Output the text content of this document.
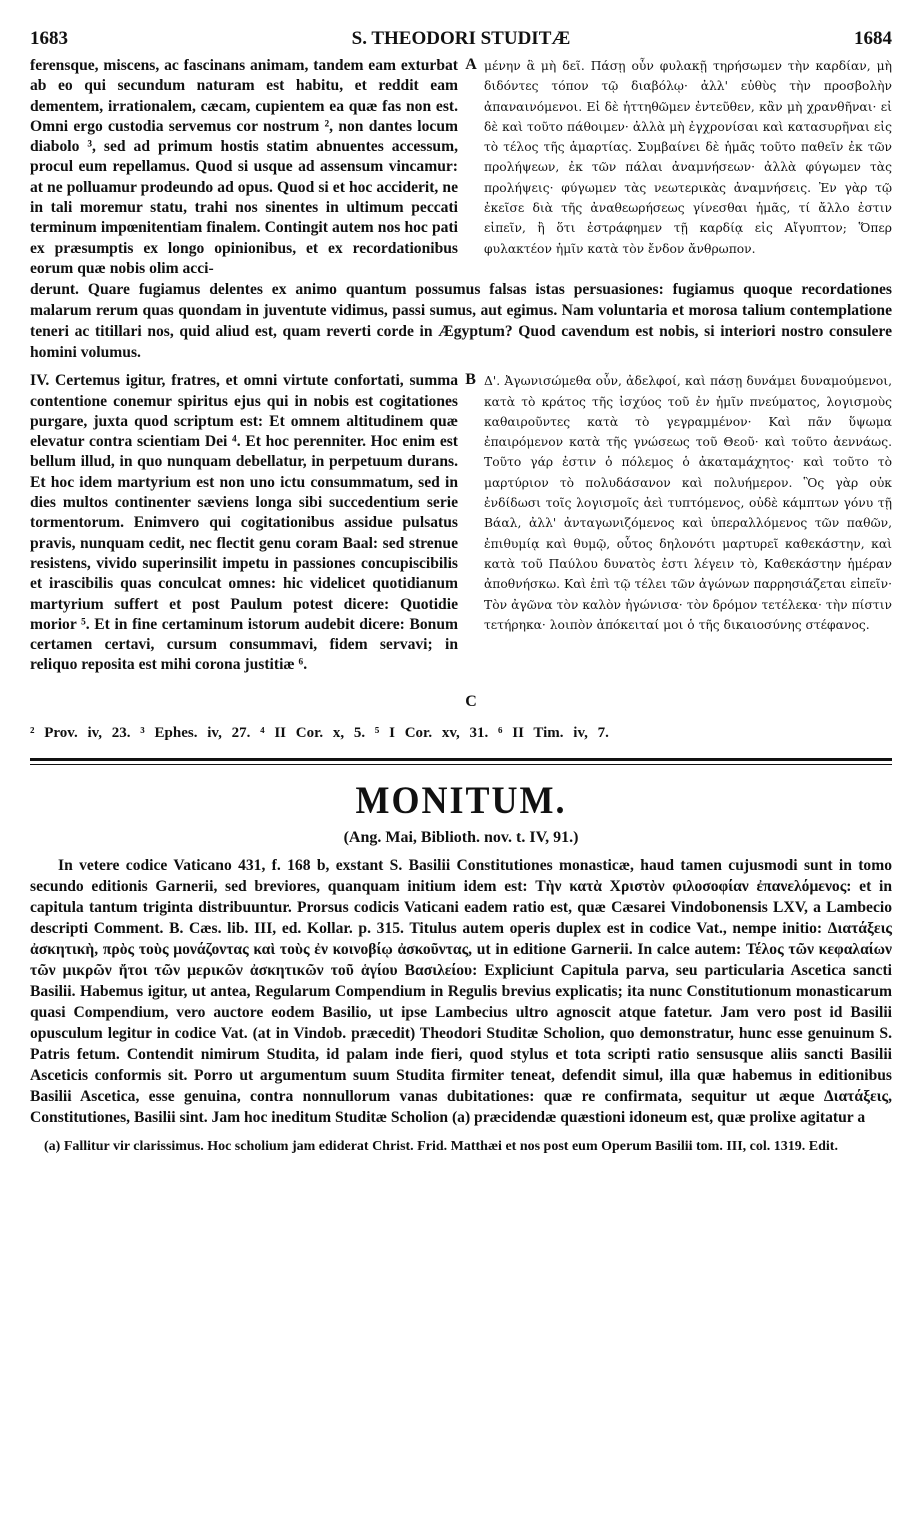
1683	S. THEODORI STUDITÆ	1684

ferensque, miscens, ac fascinans animam, tandem eam exturbat ab eo qui secundum naturam est habitu, et reddit eam dementem, irrationalem, cæcam, cupientem ea quæ fas non est. Omni ergo custodia servemus cor nostrum ², non dantes locum diabolo ³, sed ad primum hostis statim abnuentes accessum, procul eum repellamus. Quod si usque ad assensum vincamur: at ne polluamur prodeundo ad opus. Quod si et hoc acciderit, ne in tali moremur statu, trahi nos sinentes in ultimum peccati terminum impœnitentiam finalem. Contingit autem nos hoc pati ex præsumptis ex longo opinionibus, et ex recordationibus eorum quæ nobis olim acci-

A μένην ἃ μὴ δεῖ. Πάσῃ οὖν φυλακῇ τηρήσωμεν τὴν καρδίαν, μὴ διδόντες τόπον τῷ διαβόλῳ· ἀλλ' εὐθὺς τὴν προσβολὴν ἀπαναινόμενοι. Εἰ δὲ ἡττηθῶμεν ἐντεῦθεν, κἂν μὴ χρανθῆναι· εἰ δὲ καὶ τοῦτο πάθοιμεν· ἀλλὰ μὴ ἐγχρονίσαι καὶ κατασυρῆναι εἰς τὸ τέλος τῆς ἁμαρτίας. Συμβαίνει δὲ ἡμᾶς τοῦτο παθεῖν ἐκ τῶν προλήψεων, ἐκ τῶν πάλαι ἀναμνήσεων· ἀλλὰ φύγωμεν τὰς προλήψεις· φύγωμεν τὰς νεωτερικὰς ἀναμνήσεις. Ἐν γὰρ τῷ ἐκεῖσε διὰ τῆς ἀναθεωρήσεως γίνεσθαι ἡμᾶς, τί ἄλλο ἐστιν εἰπεῖν, ἢ ὅτι ἐστράφημεν τῇ καρδίᾳ εἰς Αἴγυπτον; Ὅπερ φυλακτέον ἡμῖν κατὰ τὸν ἔνδον ἄνθρωπον.

derunt. Quare fugiamus delentes ex animo quantum possumus falsas istas persuasiones: fugiamus quoque recordationes malarum rerum quas quondam in juventute vidimus, passi sumus, aut egimus. Nam voluntaria et morosa talium contemplatione teneri ac titillari nos, quid aliud est, quam reverti corde in Ægyptum? Quod cavendum est nobis, si interiori nostro consulere homini volumus.

IV. Certemus igitur, fratres, et omni virtute confortati, summa contentione conemur spiritus ejus qui in nobis est cogitationes purgare, juxta quod scriptum est: Et omnem altitudinem quæ elevatur contra scientiam Dei ⁴. Et hoc perenniter. Hoc enim est bellum illud, in quo nunquam debellatur, in perpetuum durans. Et hoc idem martyrium est non uno ictu consummatum, sed in dies multos continenter sæviens longa sibi succedentium serie tormentorum. Enimvero qui cogitationibus assidue pulsatus pravis, nunquam cedit, nec flectit genu coram Baal: sed strenue resistens, vivido superinsilit impetu in passiones concupiscibilis et irascibilis quas conculcat omnes: hic videlicet quotidianum martyrium suffert et post Paulum potest dicere: Quotidie morior ⁵. Et in fine certaminum istorum audebit dicere: Bonum certamen certavi, cursum consummavi, fidem servavi; in reliquo reposita est mihi corona justitiæ ⁶.

B
C

Δ'. Ἀγωνισώμεθα οὖν, ἀδελφοί, καὶ πάσῃ δυνάμει δυναμούμενοι, κατὰ τὸ κράτος τῆς ἰσχύος τοῦ ἐν ἡμῖν πνεύματος, λογισμοὺς καθαιροῦντες κατὰ τὸ γεγραμμένον· Καὶ πᾶν ὕψωμα ἐπαιρόμενον κατὰ τῆς γνώσεως τοῦ Θεοῦ· καὶ τοῦτο ἀεννάως. Τοῦτο γάρ ἐστιν ὁ πόλεμος ὁ ἀκαταμάχητος· καὶ τοῦτο τὸ μαρτύριον τὸ πολυδάσανον καὶ πολυήμερον. Ὃς γὰρ οὐκ ἐνδίδωσι τοῖς λογισμοῖς ἀεὶ τυπτόμενος, οὐδὲ κάμπτων γόνυ τῇ Βάαλ, ἀλλ' ἀνταγωνιζόμενος καὶ ὑπεραλλόμενος τῶν παθῶν, ἐπιθυμίᾳ καὶ θυμῷ, οὗτος δηλονότι μαρτυρεῖ καθεκάστην, καὶ κατὰ τοῦ Παύλου δυνατὸς ἐστι λέγειν τὸ, Καθεκάστην ἡμέραν ἀποθνήσκω. Καὶ ἐπὶ τῷ τέλει τῶν ἀγώνων παρρησιάζεται εἰπεῖν· Τὸν ἀγῶνα τὸν καλὸν ἠγώνισα· τὸν δρόμον τετέλεκα· τὴν πίστιν τετήρηκα· λοιπὸν ἀπόκειταί μοι ὁ τῆς δικαιοσύνης στέφανος.

² Prov. iv, 23. ³ Ephes. iv, 27. ⁴ II Cor. x, 5. ⁵ I Cor. xv, 31. ⁶ II Tim. iv, 7.

MONITUM.
(Ang. Mai, Biblioth. nov. t. IV, 91.)

In vetere codice Vaticano 431, f. 168 b, exstant S. Basilii Constitutiones monasticæ, haud tamen cujusmodi sunt in tomo secundo editionis Garnerii, sed breviores, quanquam initium idem est: Τὴν κατὰ Χριστὸν φιλοσοφίαν ἐπανελόμενος: et in capitula tantum triginta distribuuntur. Prorsus codicis Vaticani eadem ratio est, quæ Cæsarei Vindobonensis LXV, a Lambecio descripti Comment. B. Cæs. lib. III, ed. Kollar. p. 315. Titulus autem operis duplex est in codice Vat., nempe initio: Διατάξεις ἀσκητικὴ, πρὸς τοὺς μονάζοντας καὶ τοὺς ἐν κοινοβίῳ ἀσκοῦντας, ut in editione Garnerii. In calce autem: Τέλος τῶν κεφαλαίων τῶν μικρῶν ἤτοι τῶν μερικῶν ἀσκητικῶν τοῦ ἁγίου Βασιλείου: Expliciunt Capitula parva, seu particularia Ascetica sancti Basilii. Habemus igitur, ut antea, Regularum Compendium in Regulis brevius explicatis; ita nunc Constitutionum monasticarum quasi Compendium, vero auctore eodem Basilio, ut ipse Lambecius ultro agnoscit atque fatetur. Jam vero post id Basilii opusculum legitur in codice Vat. (at in Vindob. præcedit) Theodori Studitæ Scholion, quo demonstratur, hunc esse genuinum S. Patris fetum. Contendit nimirum Studita, id palam inde fieri, quod stylus et tota scripti ratio sensusque aliis sancti Basilii Asceticis conformis sit. Porro ut argumentum suum Studita firmiter teneat, defendit simul, illa quæ habemus in editionibus Basilii Ascetica, esse genuina, contra nonnullorum vanas dubitationes: quæ re confirmata, sequitur ut æque Διατάξεις, Constitutiones, Basilii sint. Jam hoc ineditum Studitæ Scholion (a) præcidendæ quæstioni idoneum est, quæ prolixe agitatur a

(a) Fallitur vir clarissimus. Hoc scholium jam ediderat Christ. Frid. Matthæi et nos post eum Operum Basilii tom. III, col. 1319. Edit.
